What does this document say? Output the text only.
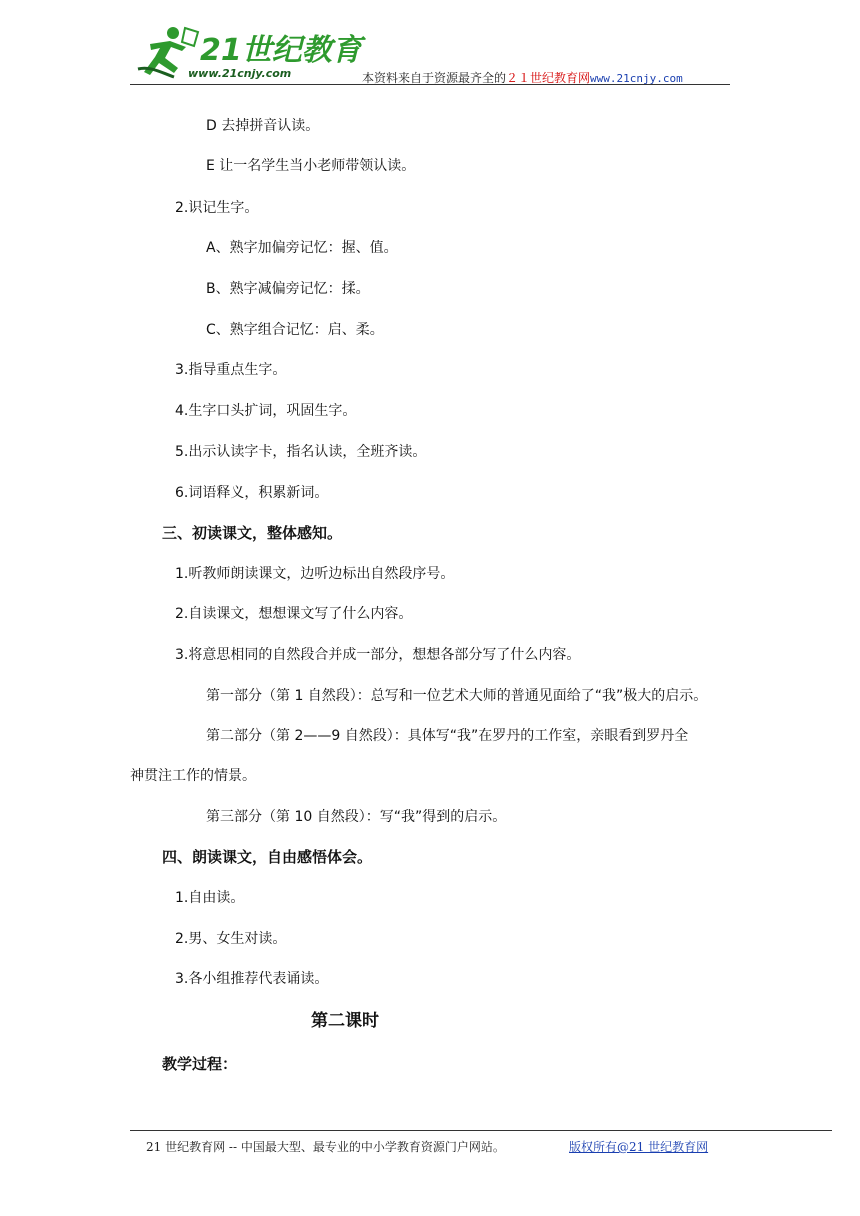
21世纪教育
www.21cnjy.com	本资料来自于资源最齐全的２１世纪教育网www.21cnjy.com
D 去掉拼音认读。
E 让一名学生当小老师带领认读。
2.识记生字。
A、熟字加偏旁记忆：握、值。
B、熟字减偏旁记忆：揉。
C、熟字组合记忆：启、柔。
3.指导重点生字。
4.生字口头扩词，巩固生字。
5.出示认读字卡，指名认读，全班齐读。
6.词语释义，积累新词。
三、初读课文，整体感知。
1.听教师朗读课文，边听边标出自然段序号。
2.自读课文，想想课文写了什么内容。
3.将意思相同的自然段合并成一部分，想想各部分写了什么内容。
第一部分（第 1 自然段）：总写和一位艺术大师的普通见面给了“我”极大的启示。
第二部分（第 2——9 自然段）：具体写“我”在罗丹的工作室，亲眼看到罗丹全
神贯注工作的情景。
第三部分（第 10 自然段）：写“我”得到的启示。
四、朗读课文，自由感悟体会。
1.自由读。
2.男、女生对读。
3.各小组推荐代表诵读。
第二课时
教学过程：
21 世纪教育网 -- 中国最大型、最专业的中小学教育资源门户网站。	版权所有@21 世纪教育网
